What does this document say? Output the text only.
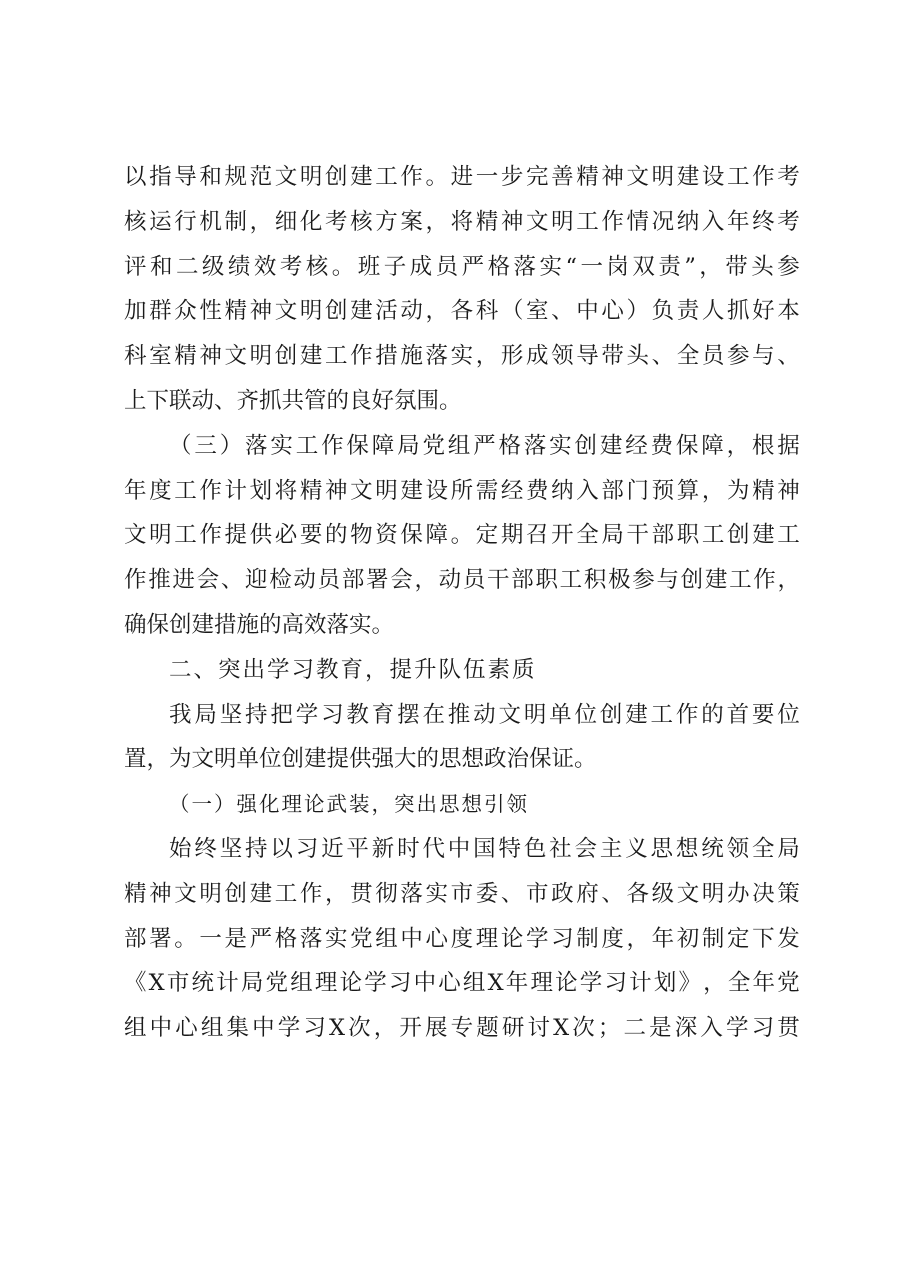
以 指 导 和 规 范 文 明 创 建 工 作 。 进 一 步 完 善 精 神 文 明 建 设 工 作 考
核 运 行 机 制 ， 细 化 考 核 方 案 ， 将 精 神 文 明 工 作 情 况 纳 入 年 终 考
评 和 二 级 绩 效 考 核 。 班 子 成 员 严 格 落 实 “ 一 岗 双 责 ” ， 带 头 参
加 群 众 性 精 神 文 明 创 建 活 动 ， 各 科 （ 室 、 中 心 ） 负 责 人 抓 好 本
科 室 精 神 文 明 创 建 工 作 措 施 落 实 ， 形 成 领 导 带 头 、 全 员 参 与 、
上下联动、齐抓共管的良好氛围。
（ 三 ） 落 实 工 作 保 障 局 党 组 严 格 落 实 创 建 经 费 保 障 ， 根 据
年 度 工 作 计 划 将 精 神 文 明 建 设 所 需 经 费 纳 入 部 门 预 算 ， 为 精 神
文 明 工 作 提 供 必 要 的 物 资 保 障 。 定 期 召 开 全 局 干 部 职 工 创 建 工
作 推 进 会 、 迎 检 动 员 部 署 会 ， 动 员 干 部 职 工 积 极 参 与 创 建 工 作 ，
确保创建措施的高效落实。
二、突出学习教育，提升队伍素质
我 局 坚 持 把 学 习 教 育 摆 在 推 动 文 明 单 位 创 建 工 作 的 首 要 位
置，为文明单位创建提供强大的思想政治保证。
（一）强化理论武装，突出思想引领
始 终 坚 持 以 习 近 平 新 时 代 中 国 特 色 社 会 主 义 思 想 统 领 全 局
精 神 文 明 创 建 工 作 ， 贯 彻 落 实 市 委 、 市 政 府 、 各 级 文 明 办 决 策
部 署 。 一 是 严 格 落 实 党 组 中 心 度 理 论 学 习 制 度 ， 年 初 制 定 下 发
《 X 市 统 计 局 党 组 理 论 学 习 中 心 组 X 年 理 论 学 习 计 划 》 ， 全 年 党
组 中 心 组 集 中 学 习 X 次 ， 开 展 专 题 研 讨 X 次 ； 二 是 深 入 学 习 贯
